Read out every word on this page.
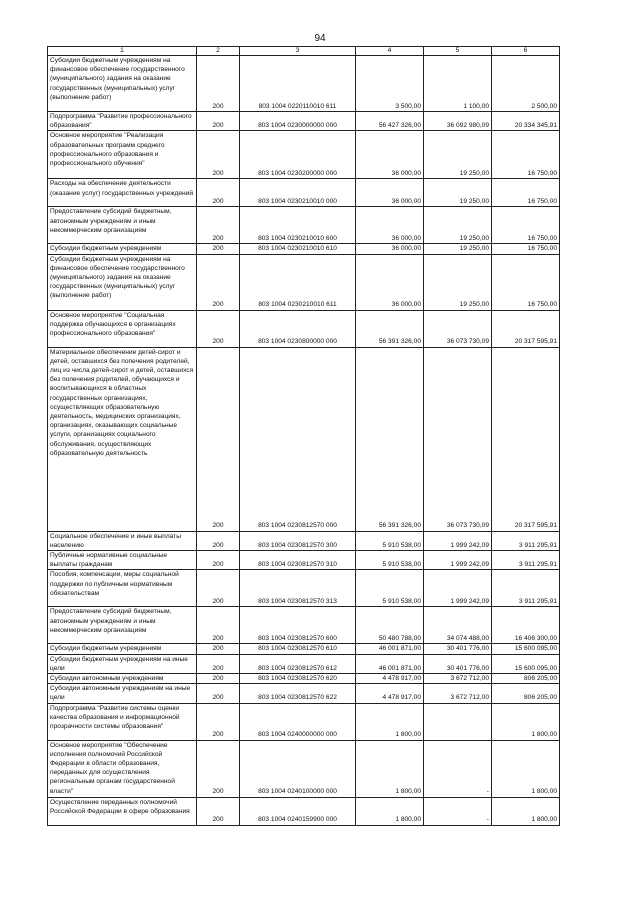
94
1	2	3	4	5	6
Субсидии бюджетным учреждениям на финансовое обеспечение государственного (муниципального) задания на оказание государственных (муниципальных) услуг (выполнение работ)	200	803 1004 0220110010 611	3 500,00	1 100,00	2 500,00
Подпрограмма "Развитие профессионального образования"	200	803 1004 0230000000 000	56 427 326,00	36 092 980,09	20 334 345,91
Основное мероприятие "Реализация образовательных программ среднего профессионального образования и профессионального обучения"	200	803 1004 0230200000 000	36 000,00	19 250,00	16 750,00
Расходы на обеспечение деятельности (оказание услуг) государственных учреждений	200	803 1004 0230210010 000	36 000,00	19 250,00	16 750,00
Предоставление субсидий бюджетным, автономным учреждениям и иным некоммерческим организациям	200	803 1004 0230210010 600	36 000,00	19 250,00	16 750,00
Субсидии бюджетным учреждениям	200	803 1004 0230210010 610	36 000,00	19 250,00	16 750,00
Субсидии бюджетным учреждениям на финансовое обеспечение государственного (муниципального) задания на оказание государственных (муниципальных) услуг (выполнение работ)	200	803 1004 0230210010 611	36 000,00	19 250,00	16 750,00
Основное мероприятие "Социальная поддержка обучающихся в организациях профессионального образования"	200	803 1004 0230800000 000	56 391 326,00	36 073 730,09	20 317 595,91
Материальное обеспечение детей-сирот и детей, оставшихся без попечения родителей, лиц из числа детей-сирот и детей, оставшихся без попечения родителей, обучающихся и воспитывающихся в областных государственных организациях, осуществляющих образовательную деятельность, медицинских организациях, организациях, оказывающих социальные услуги, организациях социального обслуживания, осуществляющих образовательную деятельность	200	803 1004 0230812570 000	56 391 326,00	36 073 730,09	20 317 595,91
Социальное обеспечение и иные выплаты населению	200	803 1004 0230812570 300	5 910 538,00	1 999 242,09	3 911 295,91
Публичные нормативные социальные выплаты гражданам	200	803 1004 0230812570 310	5 910 538,00	1 999 242,09	3 911 295,91
Пособия, компенсации, меры социальной поддержки по публичным нормативным обязательствам	200	803 1004 0230812570 313	5 910 538,00	1 999 242,09	3 911 295,91
Предоставление субсидий бюджетным, автономным учреждениям и иным некоммерческим организациям	200	803 1004 0230812570 600	50 480 788,00	34 074 488,00	16 406 300,00
Субсидии бюджетным учреждениям	200	803 1004 0230812570 610	46 001 871,00	30 401 776,00	15 600 095,00
Субсидии бюджетным учреждениям на иные цели	200	803 1004 0230812570 612	46 001 871,00	30 401 776,00	15 600 095,00
Субсидии автономным учреждениям	200	803 1004 0230812570 620	4 478 917,00	3 672 712,00	806 205,00
Субсидии автономным учреждениям на иные цели	200	803 1004 0230812570 622	4 478 917,00	3 672 712,00	806 205,00
Подпрограмма "Развитие системы оценки качества образования и информационной прозрачности системы образования"	200	803 1004 0240000000 000	1 800,00		1 800,00
Основное мероприятие "Обеспечение исполнения полномочий Российской Федерации в области образования, переданных для осуществления региональным органам государственной власти"	200	803 1004 0240100000 000	1 800,00	-	1 800,00
Осуществление переданных полномочий Российской Федерации в сфере образования	200	803 1004 0240159900 000	1 800,00	-	1 800,00
